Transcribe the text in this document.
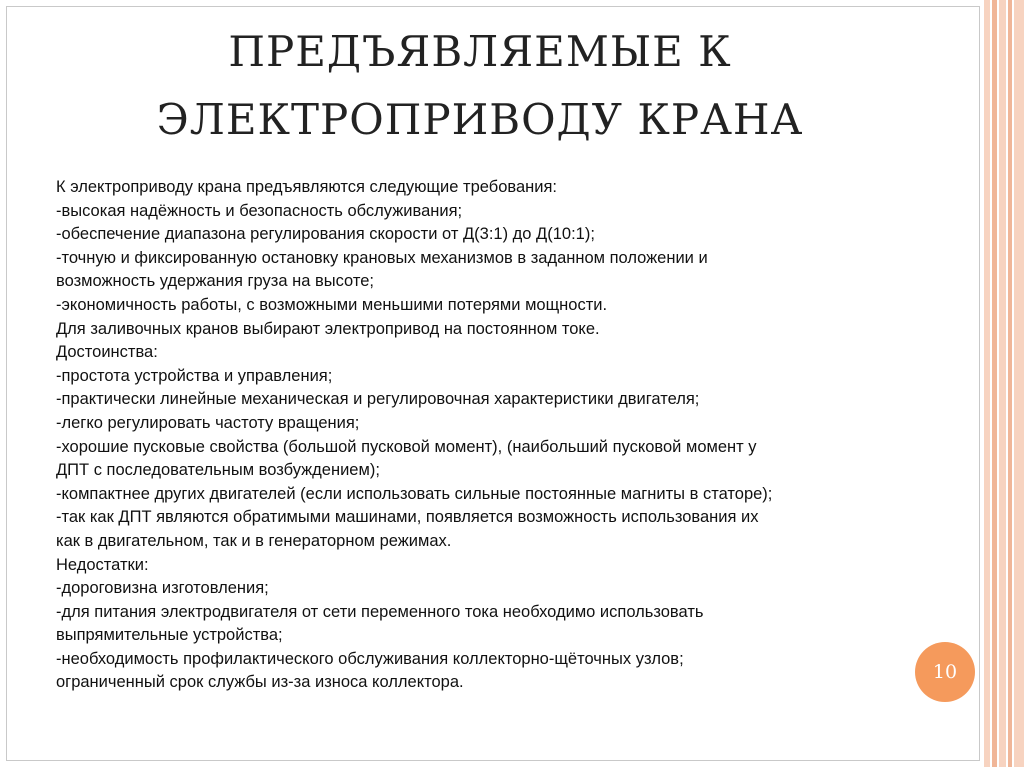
ПРЕДЪЯВЛЯЕМЫЕ К
ЭЛЕКТРОПРИВОДУ КРАНА
К электроприводу крана предъявляются следующие требования:
-высокая надёжность и безопасность обслуживания;
-обеспечение диапазона регулирования скорости от Д(3:1) до Д(10:1);
-точную и фиксированную остановку крановых механизмов в заданном положении и
возможность удержания груза на высоте;
-экономичность работы, с возможными меньшими потерями мощности.
Для заливочных кранов выбирают электропривод на постоянном токе.
Достоинства:
-простота устройства и управления;
-практически линейные механическая и регулировочная характеристики двигателя;
-легко регулировать частоту вращения;
-хорошие пусковые свойства (большой пусковой момент), (наибольший пусковой момент у
ДПТ с последовательным возбуждением);
-компактнее других двигателей (если использовать сильные постоянные магниты в статоре);
-так как ДПТ являются обратимыми машинами, появляется возможность использования их
как в двигательном, так и в генераторном режимах.
Недостатки:
-дороговизна изготовления;
-для питания электродвигателя от сети переменного тока необходимо использовать
выпрямительные устройства;
-необходимость профилактического обслуживания коллекторно-щёточных узлов;
ограниченный срок службы из-за износа коллектора.	10
